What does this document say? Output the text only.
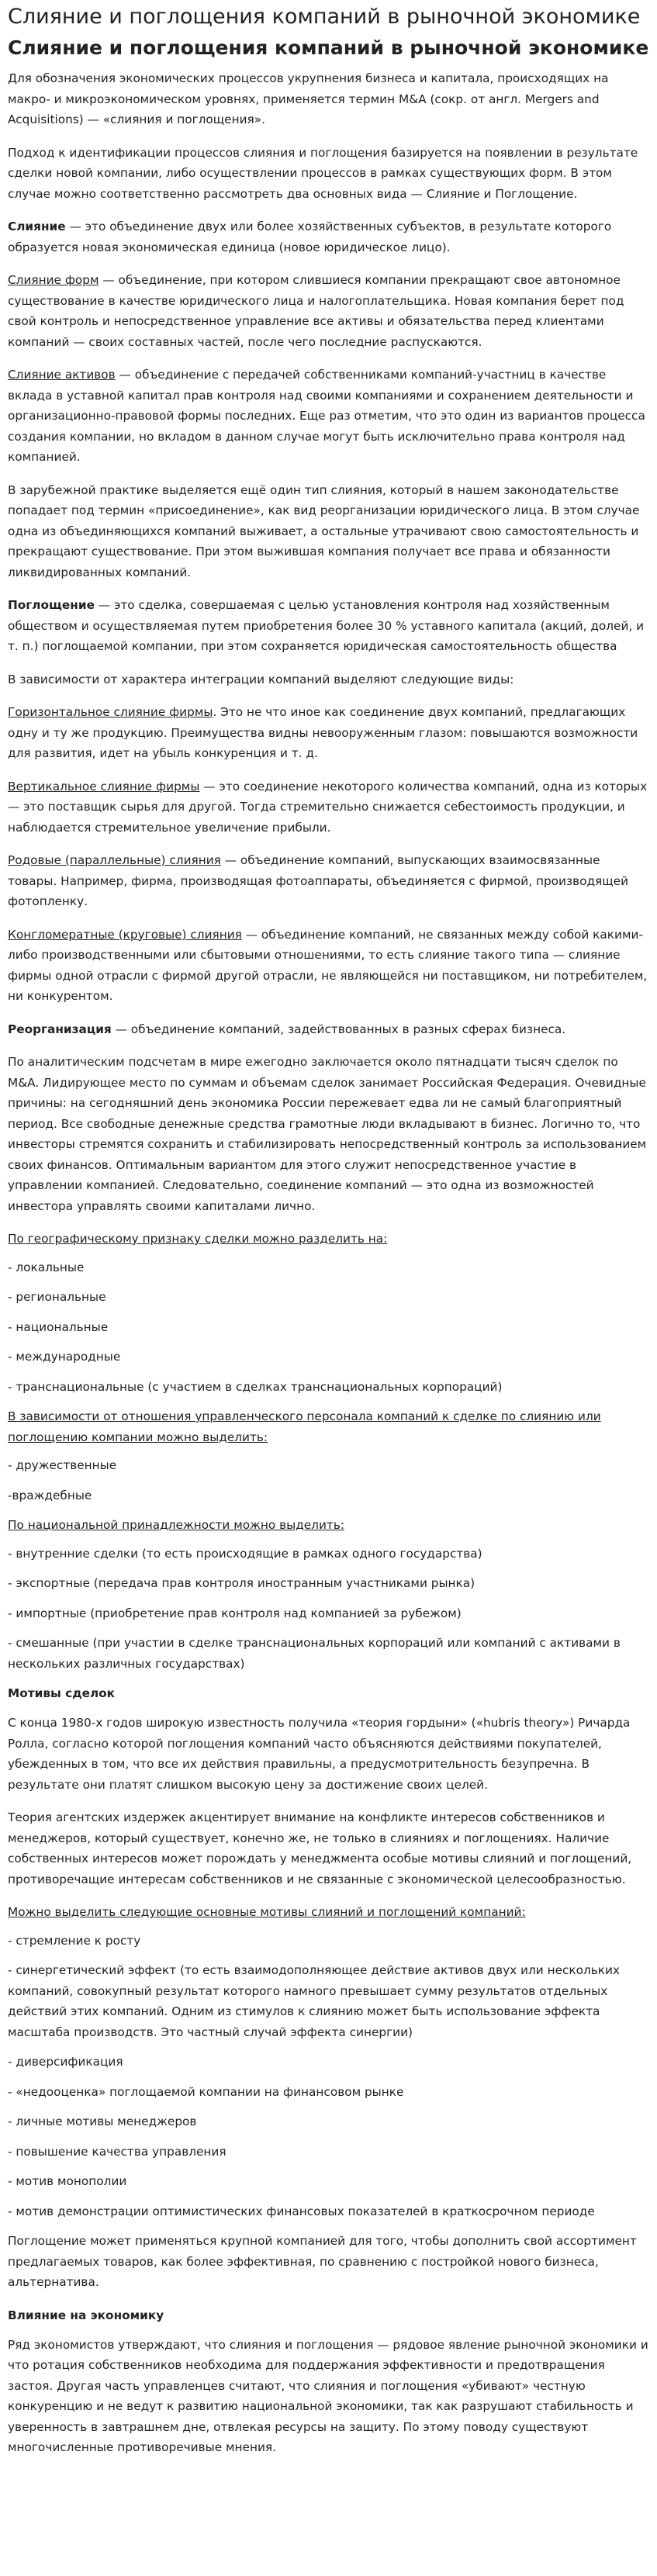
Слияние и поглощения компаний в рыночной экономике
Слияние и поглощения компаний в рыночной экономике

Для обозначения экономических процессов укрупнения бизнеса и капитала, происходящих на макро- и микроэкономическом уровнях, применяется термин M&A (сокр. от англ. Mergers and Acquisitions) — «слияния и поглощения».

Подход к идентификации процессов слияния и поглощения базируется на появлении в результате сделки новой компании, либо осуществлении процессов в рамках существующих форм. В этом случае можно соответственно рассмотреть два основных вида — Слияние и Поглощение.

Слияние — это объединение двух или более хозяйственных субъектов, в результате которого образуется новая экономическая единица (новое юридическое лицо).

Слияние форм — объединение, при котором слившиеся компании прекращают свое автономное существование в качестве юридического лица и налогоплательщика. Новая компания берет под свой контроль и непосредственное управление все активы и обязательства перед клиентами компаний — своих составных частей, после чего последние распускаются.

Слияние активов — объединение с передачей собственниками компаний-участниц в качестве вклада в уставной капитал прав контроля над своими компаниями и сохранением деятельности и организационно-правовой формы последних. Еще раз отметим, что это один из вариантов процесса создания компании, но вкладом в данном случае могут быть исключительно права контроля над компанией.

В зарубежной практике выделяется ещё один тип слияния, который в нашем законодательстве попадает под термин «присоединение», как вид реорганизации юридического лица. В этом случае одна из объединяющихся компаний выживает, а остальные утрачивают свою самостоятельность и прекращают существование. При этом выжившая компания получает все права и обязанности ликвидированных компаний.

Поглощение — это сделка, совершаемая с целью установления контроля над хозяйственным обществом и осуществляемая путем приобретения более 30 % уставного капитала (акций, долей, и т. п.) поглощаемой компании, при этом сохраняется юридическая самостоятельность общества

В зависимости от характера интеграции компаний выделяют следующие виды:

Горизонтальное слияние фирмы. Это не что иное как соединение двух компаний, предлагающих одну и ту же продукцию. Преимущества видны невооруженным глазом: повышаются возможности для развития, идет на убыль конкуренция и т. д.

Вертикальное слияние фирмы — это соединение некоторого количества компаний, одна из которых — это поставщик сырья для другой. Тогда стремительно снижается себестоимость продукции, и наблюдается стремительное увеличение прибыли.

Родовые (параллельные) слияния — объединение компаний, выпускающих взаимосвязанные товары. Например, фирма, производящая фотоаппараты, объединяется с фирмой, производящей фотопленку.

Конгломератные (круговые) слияния — объединение компаний, не связанных между собой какими-либо производственными или сбытовыми отношениями, то есть слияние такого типа — слияние фирмы одной отрасли с фирмой другой отрасли, не являющейся ни поставщиком, ни потребителем, ни конкурентом.

Реорганизация — объединение компаний, задействованных в разных сферах бизнеса.

По аналитическим подсчетам в мире ежегодно заключается около пятнадцати тысяч сделок по M&A. Лидирующее место по суммам и объемам сделок занимает Российская Федерация. Очевидные причины: на сегодняшний день экономика России пережевает едва ли не самый благоприятный период. Все свободные денежные средства грамотные люди вкладывают в бизнес. Логично то, что инвесторы стремятся сохранить и стабилизировать непосредственный контроль за использованием своих финансов. Оптимальным вариантом для этого служит непосредственное участие в управлении компанией. Следовательно, соединение компаний — это одна из возможностей инвестора управлять своими капиталами лично.

По географическому признаку сделки можно разделить на:

- локальные

- региональные

- национальные

- международные

- транснациональные (с участием в сделках транснациональных корпораций)

В зависимости от отношения управленческого персонала компаний к сделке по слиянию или поглощению компании можно выделить:

- дружественные

-враждебные

По национальной принадлежности можно выделить:

- внутренние сделки (то есть происходящие в рамках одного государства)

- экспортные (передача прав контроля иностранным участниками рынка)

- импортные (приобретение прав контроля над компанией за рубежом)

- смешанные (при участии в сделке транснациональных корпораций или компаний с активами в нескольких различных государствах)

Мотивы сделок

С конца 1980-х годов широкую известность получила «теория гордыни» («hubris theory») Ричарда Ролла, согласно которой поглощения компаний часто объясняются действиями покупателей, убежденных в том, что все их действия правильны, а предусмотрительность безупречна. В результате они платят слишком высокую цену за достижение своих целей.

Теория агентских издержек акцентирует внимание на конфликте интересов собственников и менеджеров, который существует, конечно же, не только в слияниях и поглощениях. Наличие собственных интересов может порождать у менеджмента особые мотивы слияний и поглощений, противоречащие интересам собственников и не связанные с экономической целесообразностью.

Можно выделить следующие основные мотивы слияний и поглощений компаний:

- стремление к росту

- синергетический эффект (то есть взаимодополняющее действие активов двух или нескольких компаний, совокупный результат которого намного превышает сумму результатов отдельных действий этих компаний. Одним из стимулов к слиянию может быть использование эффекта масштаба производств. Это частный случай эффекта синергии)

- диверсификация

- «недооценка» поглощаемой компании на финансовом рынке

- личные мотивы менеджеров

- повышение качества управления

- мотив монополии

- мотив демонстрации оптимистических финансовых показателей в краткосрочном периоде

Поглощение может применяться крупной компанией для того, чтобы дополнить свой ассортимент предлагаемых товаров, как более эффективная, по сравнению с постройкой нового бизнеса, альтернатива.

Влияние на экономику

Ряд экономистов утверждают, что слияния и поглощения — рядовое явление рыночной экономики и что ротация собственников необходима для поддержания эффективности и предотвращения застоя. Другая часть управленцев считают, что слияния и поглощения «убивают» честную конкуренцию и не ведут к развитию национальной экономики, так как разрушают стабильность и уверенность в завтрашнем дне, отвлекая ресурсы на защиту. По этому поводу существуют многочисленные противоречивые мнения.
